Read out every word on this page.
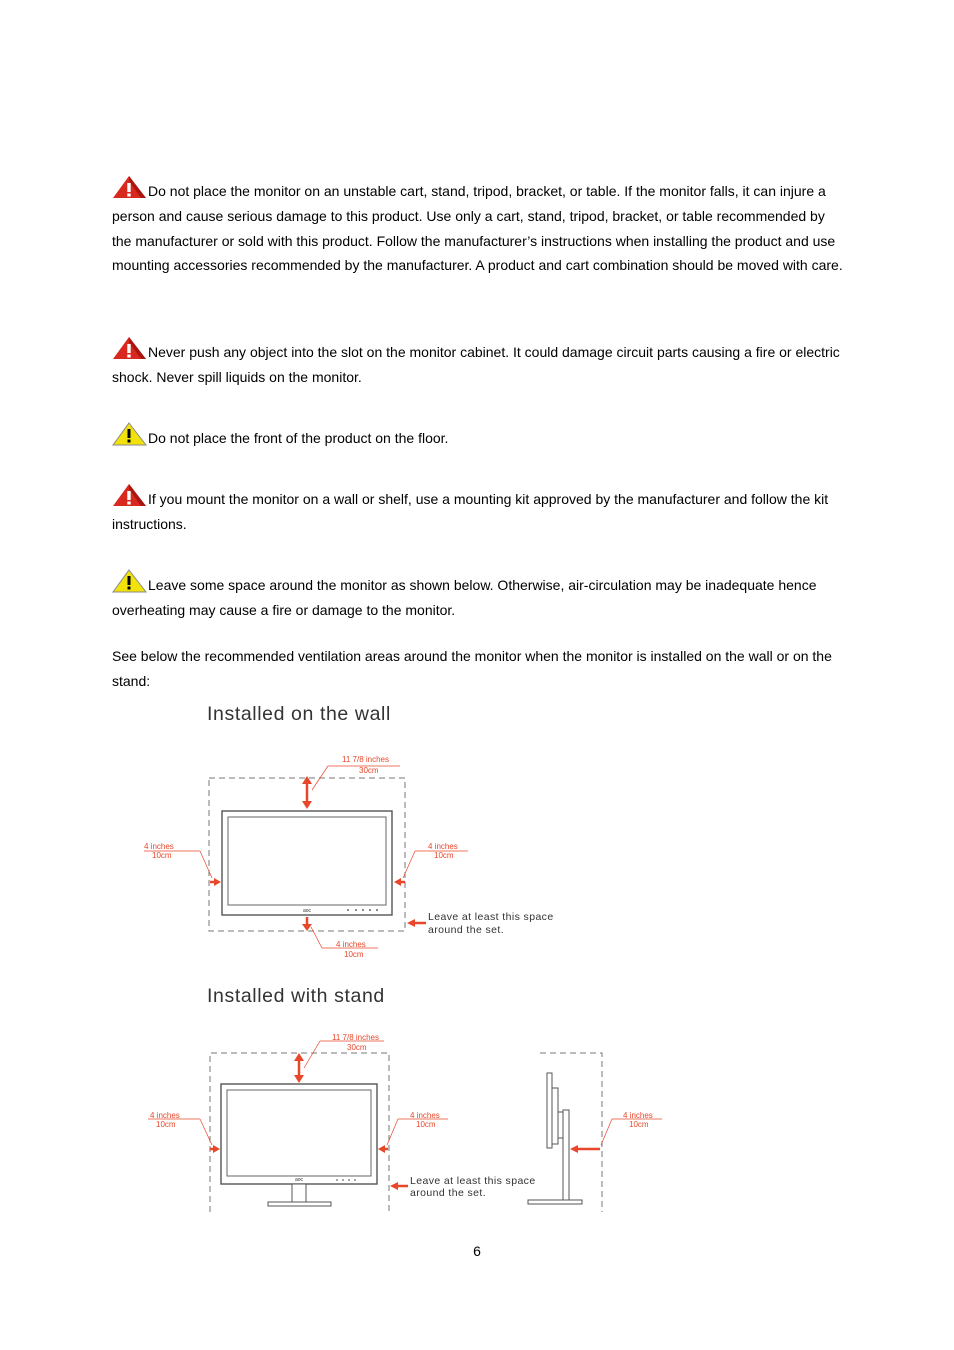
Do not place the monitor on an unstable cart, stand, tripod, bracket, or table. If the monitor falls, it can injure a person and cause serious damage to this product. Use only a cart, stand, tripod, bracket, or table recommended by the manufacturer or sold with this product. Follow the manufacturer’s instructions when installing the product and use mounting accessories recommended by the manufacturer. A product and cart combination should be moved with care.

Never push any object into the slot on the monitor cabinet. It could damage circuit parts causing a fire or electric shock. Never spill liquids on the monitor.

Do not place the front of the product on the floor.

If you mount the monitor on a wall or shelf, use a mounting kit approved by the manufacturer and follow the kit instructions.

Leave some space around the monitor as shown below. Otherwise, air-circulation may be inadequate hence overheating may cause a fire or damage to the monitor.

See below the recommended ventilation areas around the monitor when the monitor is installed on the wall or on the stand:

Installed on the wall
aoc
11 7/8 inches
30cm
4 inches
10cm
4 inches
10cm
4 inches
10cm
Leave at least this space
around the set.
Installed with stand
aoc
11 7/8 inches
30cm
4 inches
10cm
4 inches
10cm
Leave at least this space
around the set.
4 inches
10cm
6
